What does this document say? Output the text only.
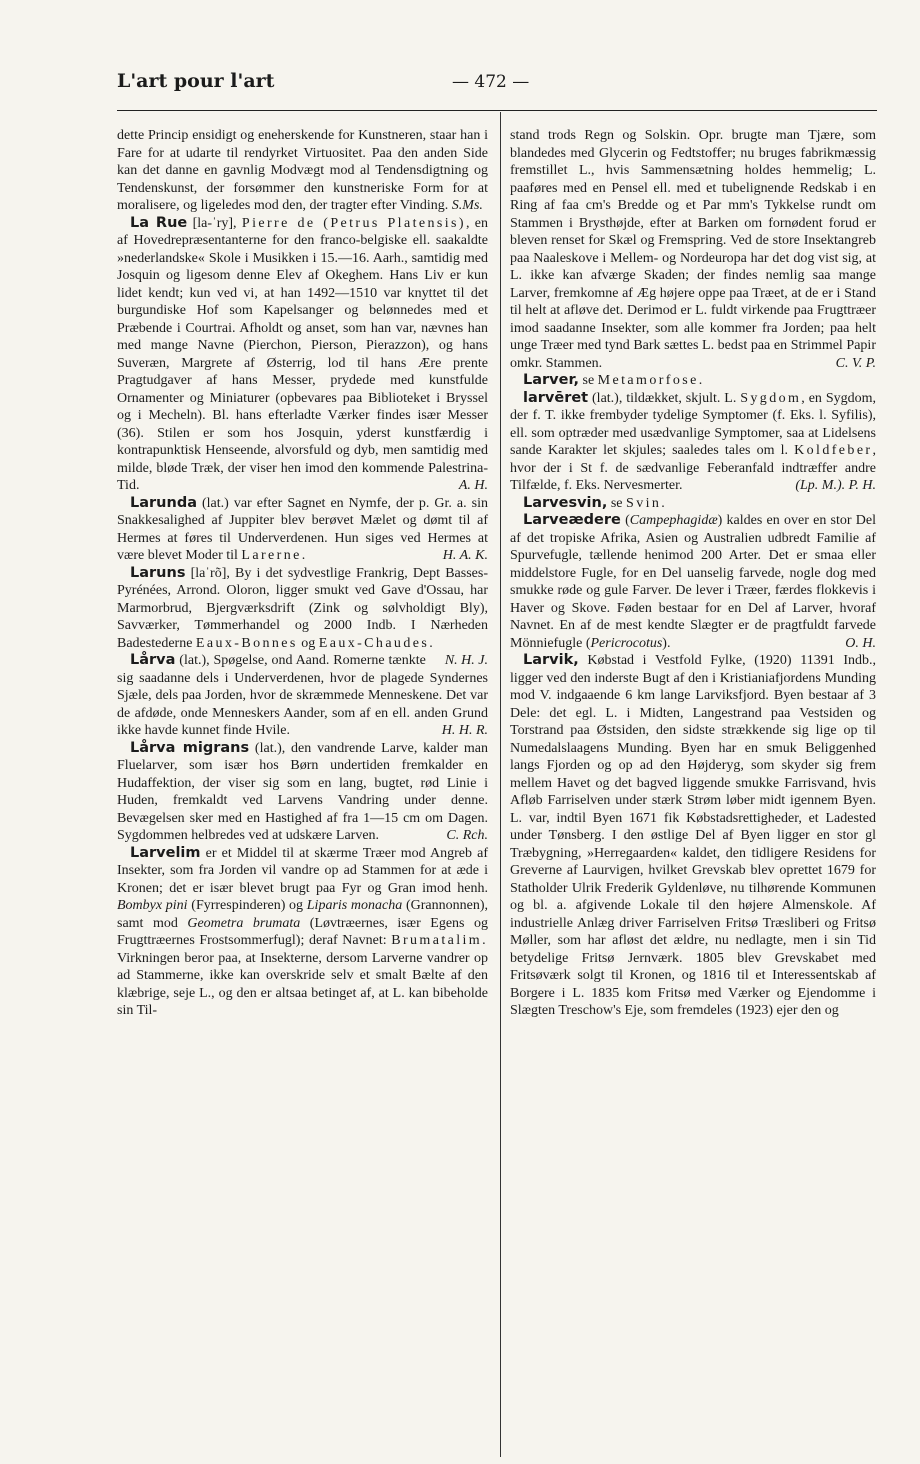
L'art pour l'art	— 472 —

dette Princip ensidigt og eneherskende for Kunstneren, staar han i Fare for at udarte til rendyrket Virtuositet. Paa den anden Side kan det danne en gavnlig Modvægt mod al Tendensdigtning og Tendenskunst, der forsømmer den kunstneriske Form for at moralisere, og ligeledes mod den, der tragter efter Vinding. S.Ms.

La Rue [la-ˈry], Pierre de (Petrus Platensis), en af Hovedrepræsentanterne for den franco-belgiske ell. saakaldte »nederlandske« Skole i Musikken i 15.—16. Aarh., samtidig med Josquin og ligesom denne Elev af Okeghem. Hans Liv er kun lidet kendt; kun ved vi, at han 1492—1510 var knyttet til det burgundiske Hof som Kapelsanger og belønnedes med et Præbende i Courtrai. Afholdt og anset, som han var, nævnes han med mange Navne (Pierchon, Pierson, Pierazzon), og hans Suveræn, Margrete af Østerrig, lod til hans Ære prente Pragtudgaver af hans Messer, prydede med kunstfulde Ornamenter og Miniaturer (opbevares paa Biblioteket i Bryssel og i Mecheln). Bl. hans efterladte Værker findes især Messer (36). Stilen er som hos Josquin, yderst kunstfærdig i kontrapunktisk Henseende, alvorsfuld og dyb, men samtidig med milde, bløde Træk, der viser hen imod den kommende Palestrina-Tid.	A. H.

Larunda (lat.) var efter Sagnet en Nymfe, der p. Gr. a. sin Snakkesalighed af Juppiter blev berøvet Mælet og dømt til af Hermes at føres til Underverdenen. Hun siges ved Hermes at være blevet Moder til Larerne.	H. A. K.

Laruns [laˈrõ], By i det sydvestlige Frankrig, Dept Basses-Pyrénées, Arrond. Oloron, ligger smukt ved Gave d'Ossau, har Marmorbrud, Bjergværksdrift (Zink og sølvholdigt Bly), Savværker, Tømmerhandel og 2000 Indb. I Nærheden Badestederne Eaux-Bonnes og Eaux-Chaudes.
N. H. J.

Lårva (lat.), Spøgelse, ond Aand. Romerne tænkte sig saadanne dels i Underverdenen, hvor de plagede Syndernes Sjæle, dels paa Jorden, hvor de skræmmede Menneskene. Det var de afdøde, onde Menneskers Aander, som af en ell. anden Grund ikke havde kunnet finde Hvile.	H. H. R.

Lårva migrans (lat.), den vandrende Larve, kalder man Fluelarver, som især hos Børn undertiden fremkalder en Hudaffektion, der viser sig som en lang, bugtet, rød Linie i Huden, fremkaldt ved Larvens Vandring under denne. Bevægelsen sker med en Hastighed af fra 1—15 cm om Dagen. Sygdommen helbredes ved at udskære Larven.	C. Rch.

Larvelim er et Middel til at skærme Træer mod Angreb af Insekter, som fra Jorden vil vandre op ad Stammen for at æde i Kronen; det er især blevet brugt paa Fyr og Gran imod henh. Bombyx pini (Fyrrespinderen) og Liparis monacha (Grannonnen), samt mod Geometra brumata (Løvtræernes, især Egens og Frugttræernes Frostsommerfugl); deraf Navnet: Brumatalim. Virkningen beror paa, at Insekterne, dersom Larverne vandrer op ad Stammerne, ikke kan overskride selv et smalt Bælte af den klæbrige, seje L., og den er altsaa betinget af, at L. kan bibeholde sin Til-

stand trods Regn og Solskin. Opr. brugte man Tjære, som blandedes med Glycerin og Fedtstoffer; nu bruges fabrikmæssig fremstillet L., hvis Sammensætning holdes hemmelig; L. paaføres med en Pensel ell. med et tubelignende Redskab i en Ring af faa cm's Bredde og et Par mm's Tykkelse rundt om Stammen i Brysthøjde, efter at Barken om fornødent forud er bleven renset for Skæl og Fremspring. Ved de store Insektangreb paa Naaleskove i Mellem- og Nordeuropa har det dog vist sig, at L. ikke kan afværge Skaden; der findes nemlig saa mange Larver, fremkomne af Æg højere oppe paa Træet, at de er i Stand til helt at afløve det. Derimod er L. fuldt virkende paa Frugttræer imod saadanne Insekter, som alle kommer fra Jorden; paa helt unge Træer med tynd Bark sættes L. bedst paa en Strimmel Papir omkr. Stammen.	C. V. P.

Larver, se Metamorfose.

larvēret (lat.), tildækket, skjult. L. Sygdom, en Sygdom, der f. T. ikke frembyder tydelige Symptomer (f. Eks. l. Syfilis), ell. som optræder med usædvanlige Symptomer, saa at Lidelsens sande Karakter let skjules; saaledes tales om l. Koldfeber, hvor der i St f. de sædvanlige Feberanfald indtræffer andre Tilfælde, f. Eks. Nervesmerter.	(Lp. M.). P. H.

Larvesvin, se Svin.

Larveædere (Campephagidæ) kaldes en over en stor Del af det tropiske Afrika, Asien og Australien udbredt Familie af Spurvefugle, tællende henimod 200 Arter. Det er smaa eller middelstore Fugle, for en Del uanselig farvede, nogle dog med smukke røde og gule Farver. De lever i Træer, færdes flokkevis i Haver og Skove. Føden bestaar for en Del af Larver, hvoraf Navnet. En af de mest kendte Slægter er de pragtfuldt farvede Mönniefugle (Pericrocotus).	O. H.

Larvik, Købstad i Vestfold Fylke, (1920) 11391 Indb., ligger ved den inderste Bugt af den i Kristianiafjordens Munding mod V. indgaaende 6 km lange Larviksfjord. Byen bestaar af 3 Dele: det egl. L. i Midten, Langestrand paa Vestsiden og Torstrand paa Østsiden, den sidste strækkende sig lige op til Numedalslaagens Munding. Byen har en smuk Beliggenhed langs Fjorden og op ad den Højderyg, som skyder sig frem mellem Havet og det bagved liggende smukke Farrisvand, hvis Afløb Farriselven under stærk Strøm løber midt igennem Byen. L. var, indtil Byen 1671 fik Købstadsrettigheder, et Ladested under Tønsberg. I den østlige Del af Byen ligger en stor gl Træbygning, »Herregaarden« kaldet, den tidligere Residens for Greverne af Laurvigen, hvilket Grevskab blev oprettet 1679 for Statholder Ulrik Frederik Gyldenløve, nu tilhørende Kommunen og bl. a. afgivende Lokale til den højere Almenskole. Af industrielle Anlæg driver Farriselven Fritsø Træsliberi og Fritsø Møller, som har afløst det ældre, nu nedlagte, men i sin Tid betydelige Fritsø Jernværk. 1805 blev Grevskabet med Fritsøværk solgt til Kronen, og 1816 til et Interessentskab af Borgere i L. 1835 kom Fritsø med Værker og Ejendomme i Slægten Treschow's Eje, som fremdeles (1923) ejer den og
